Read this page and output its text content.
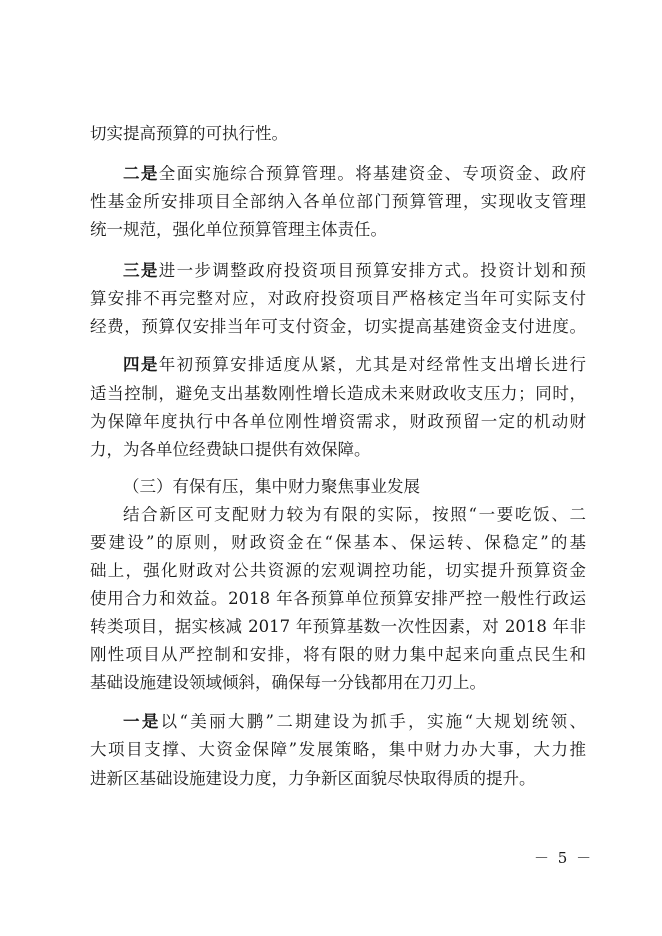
切实提高预算的可执行性。
二是全面实施综合预算管理。将基建资金、专项资金、政府
性基金所安排项目全部纳入各单位部门预算管理，实现收支管理
统一规范，强化单位预算管理主体责任。
三是进一步调整政府投资项目预算安排方式。投资计划和预
算安排不再完整对应，对政府投资项目严格核定当年可实际支付
经费，预算仅安排当年可支付资金，切实提高基建资金支付进度。
四是年初预算安排适度从紧，尤其是对经常性支出增长进行
适当控制，避免支出基数刚性增长造成未来财政收支压力；同时，
为保障年度执行中各单位刚性增资需求，财政预留一定的机动财
力，为各单位经费缺口提供有效保障。
（三）有保有压，集中财力聚焦事业发展
结合新区可支配财力较为有限的实际，按照“一要吃饭、二
要建设”的原则，财政资金在“保基本、保运转、保稳定”的基
础上，强化财政对公共资源的宏观调控功能，切实提升预算资金
使用合力和效益。2018 年各预算单位预算安排严控一般性行政运
转类项目，据实核减 2017 年预算基数一次性因素，对 2018 年非
刚性项目从严控制和安排，将有限的财力集中起来向重点民生和
基础设施建设领域倾斜，确保每一分钱都用在刀刃上。
一是以“美丽大鹏”二期建设为抓手，实施“大规划统领、
大项目支撑、大资金保障”发展策略，集中财力办大事，大力推
进新区基础设施建设力度，力争新区面貌尽快取得质的提升。
－ 5 －
